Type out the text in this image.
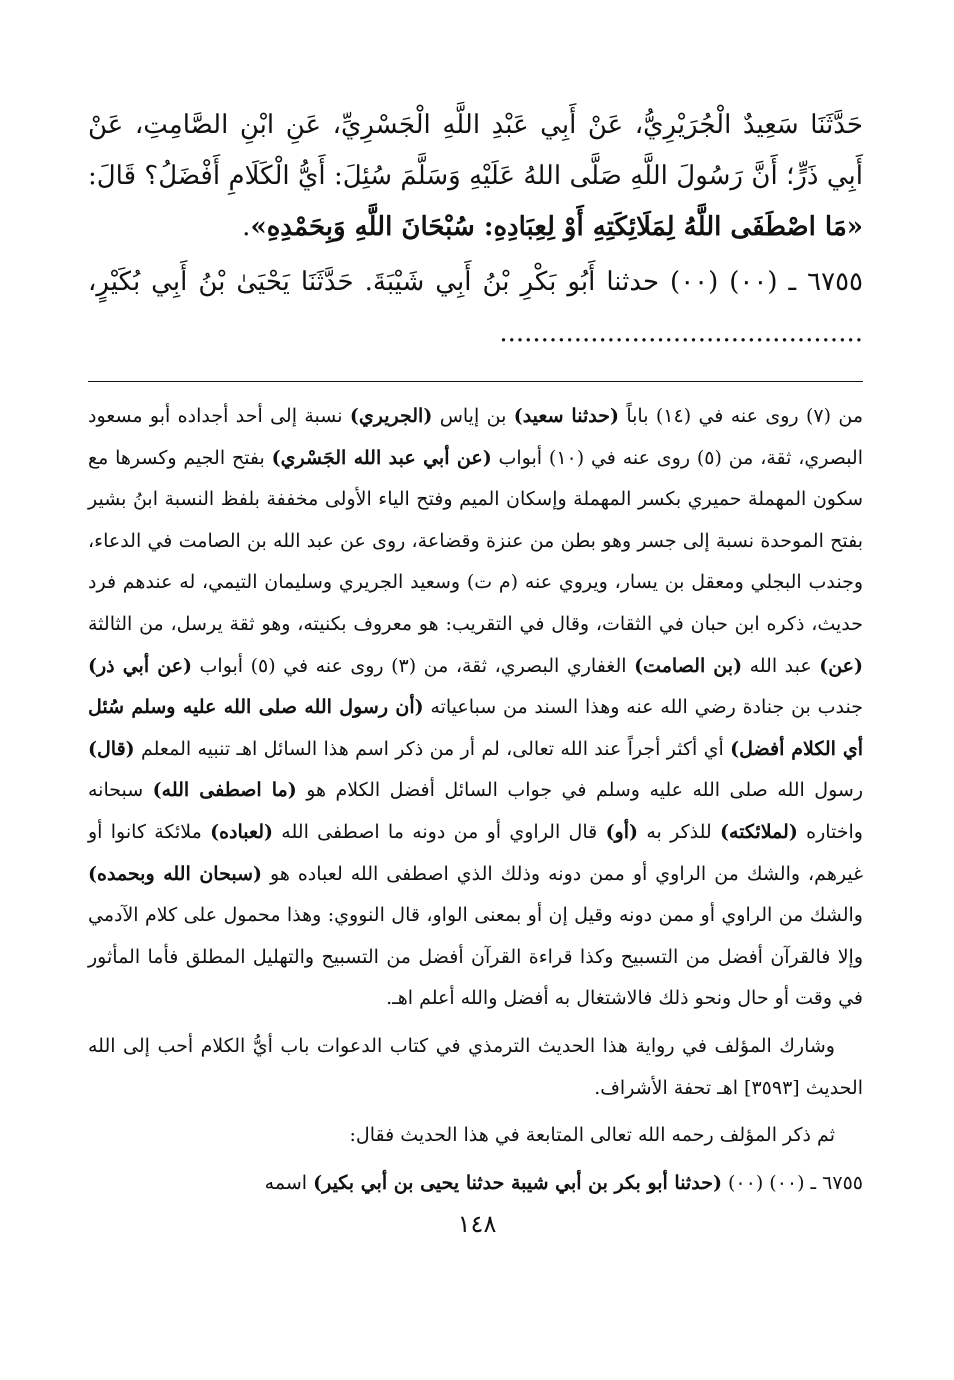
حَدَّثَنَا سَعِيدٌ الْجُرَيْرِيُّ، عَنْ أَبِي عَبْدِ اللَّهِ الْجَسْرِيِّ، عَنِ ابْنِ الصَّامِتِ، عَنْ أَبِي ذَرٍّ؛ أَنَّ رَسُولَ اللَّهِ صَلَّى اللهُ عَلَيْهِ وَسَلَّمَ سُئِلَ: أَيُّ الْكَلَامِ أَفْضَلُ؟ قَالَ: «مَا اصْطَفَى اللَّهُ لِمَلَائِكَتِهِ أَوْ لِعِبَادِهِ: سُبْحَانَ اللَّهِ وَبِحَمْدِهِ».

٦٧٥٥ ـ (٠٠) (٠٠) حدثنا أَبُو بَكْرِ بْنُ أَبِي شَيْبَةَ. حَدَّثَنَا يَحْيَىٰ بْنُ أَبِي بُكَيْرٍ، ............................................

من (٧) روى عنه في (١٤) باباً (حدثنا سعيد) بن إياس (الجريري) نسبة إلى أحد أجداده أبو مسعود البصري، ثقة، من (٥) روى عنه في (١٠) أبواب (عن أبي عبد الله الجَسْري) بفتح الجيم وكسرها مع سكون المهملة حميري بكسر المهملة وإسكان الميم وفتح الياء الأولى مخففة بلفظ النسبة ابنُ بشير بفتح الموحدة نسبة إلى جسر وهو بطن من عنزة وقضاعة، روى عن عبد الله بن الصامت في الدعاء، وجندب البجلي ومعقل بن يسار، ويروي عنه (م ت) وسعيد الجريري وسليمان التيمي، له عندهم فرد حديث، ذكره ابن حبان في الثقات، وقال في التقريب: هو معروف بكنيته، وهو ثقة يرسل، من الثالثة (عن) عبد الله (بن الصامت) الغفاري البصري، ثقة، من (٣) روى عنه في (٥) أبواب (عن أبي ذر) جندب بن جنادة رضي الله عنه وهذا السند من سباعياته (أن رسول الله صلى الله عليه وسلم سُئل أي الكلام أفضل) أي أكثر أجراً عند الله تعالى، لم أر من ذكر اسم هذا السائل اهـ تنبيه المعلم (قال) رسول الله صلى الله عليه وسلم في جواب السائل أفضل الكلام هو (ما اصطفى الله) سبحانه واختاره (لملائكته) للذكر به (أو) قال الراوي أو من دونه ما اصطفى الله (لعباده) ملائكة كانوا أو غيرهم، والشك من الراوي أو ممن دونه وذلك الذي اصطفى الله لعباده هو (سبحان الله وبحمده) والشك من الراوي أو ممن دونه وقيل إن أو بمعنى الواو، قال النووي: وهذا محمول على كلام الآدمي وإلا فالقرآن أفضل من التسبيح وكذا قراءة القرآن أفضل من التسبيح والتهليل المطلق فأما المأثور في وقت أو حال ونحو ذلك فالاشتغال به أفضل والله أعلم اهـ.

وشارك المؤلف في رواية هذا الحديث الترمذي في كتاب الدعوات باب أيُّ الكلام أحب إلى الله الحديث [٣٥٩٣] اهـ تحفة الأشراف.

ثم ذكر المؤلف رحمه الله تعالى المتابعة في هذا الحديث فقال:

٦٧٥٥ ـ (٠٠) (٠٠) (حدثنا أبو بكر بن أبي شيبة حدثنا يحيى بن أبي بكير) اسمه

١٤٨
